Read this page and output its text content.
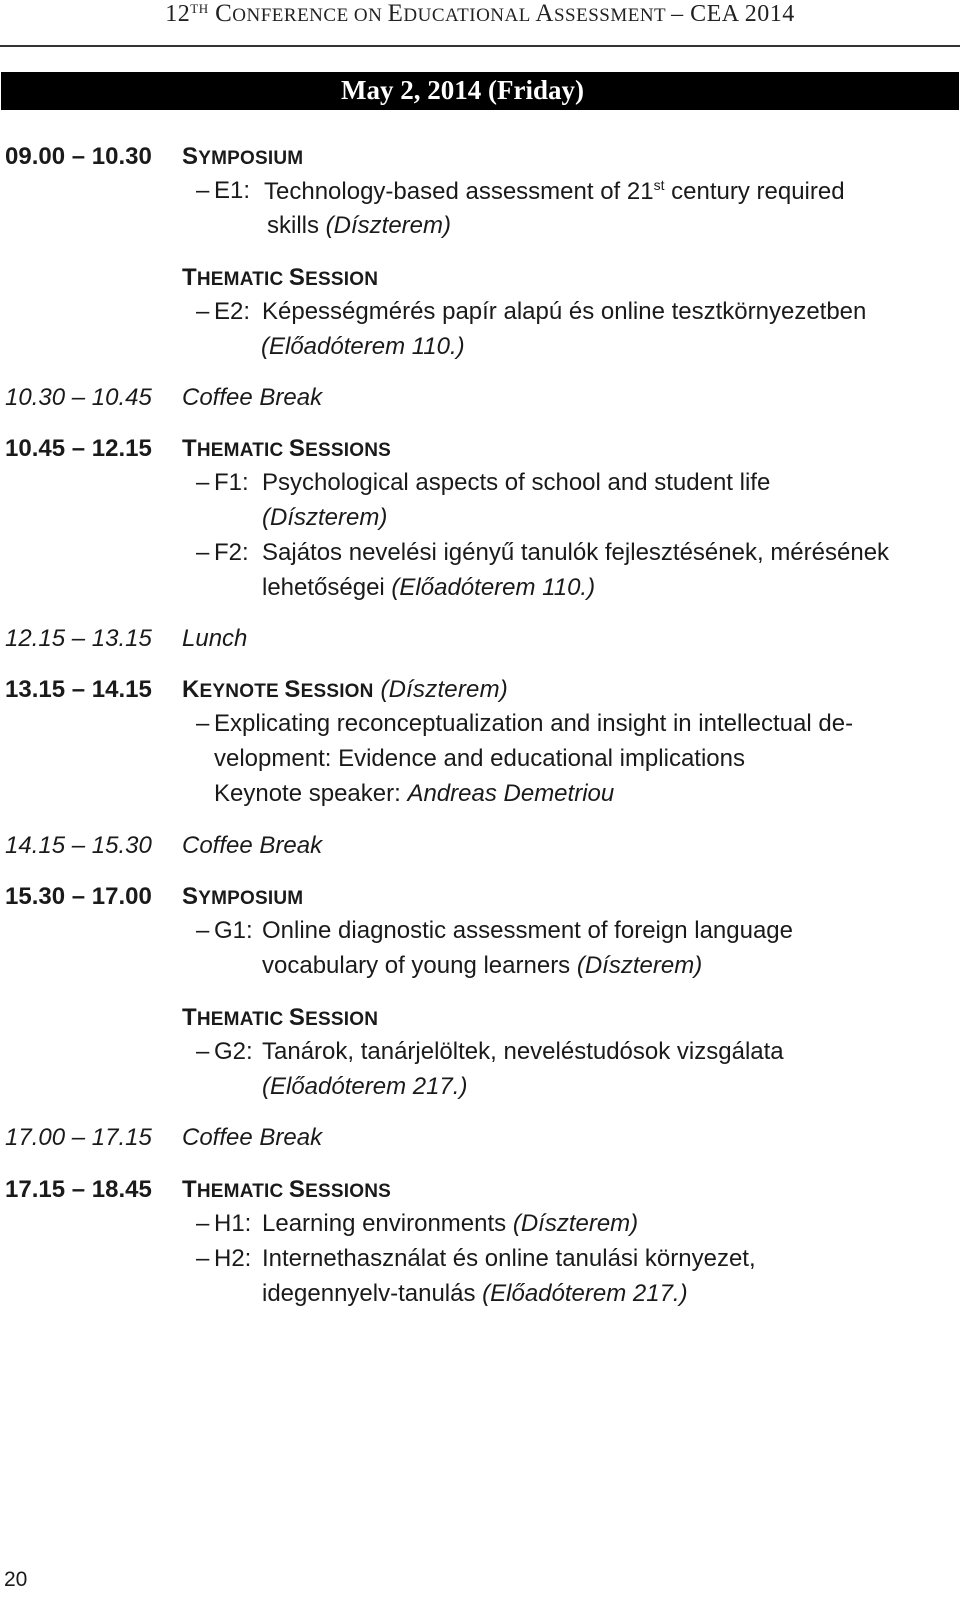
12TH CONFERENCE ON EDUCATIONAL ASSESSMENT – CEA 2014
May 2, 2014 (Friday)
09.00 – 10.30 SYMPOSIUM
– E1: Technology-based assessment of 21st century required
skills (Díszterem)
THEMATIC SESSION
– E2: Képességmérés papír alapú és online tesztkörnyezetben
(Előadóterem 110.)
10.30 – 10.45 Coffee Break
10.45 – 12.15 THEMATIC SESSIONS
– F1: Psychological aspects of school and student life
(Díszterem)
– F2: Sajátos nevelési igényű tanulók fejlesztésének, mérésének
lehetőségei (Előadóterem 110.)
12.15 – 13.15 Lunch
13.15 – 14.15 KEYNOTE SESSION (Díszterem)
– Explicating reconceptualization and insight in intellectual de-
velopment: Evidence and educational implications
Keynote speaker: Andreas Demetriou
14.15 – 15.30 Coffee Break
15.30 – 17.00 SYMPOSIUM
– G1: Online diagnostic assessment of foreign language
vocabulary of young learners (Díszterem)
THEMATIC SESSION
– G2: Tanárok, tanárjelöltek, neveléstudósok vizsgálata
(Előadóterem 217.)
17.00 – 17.15 Coffee Break
17.15 – 18.45 THEMATIC SESSIONS
– H1: Learning environments (Díszterem)
– H2: Internethasználat és online tanulási környezet,
idegennyelv-tanulás (Előadóterem 217.)
20
